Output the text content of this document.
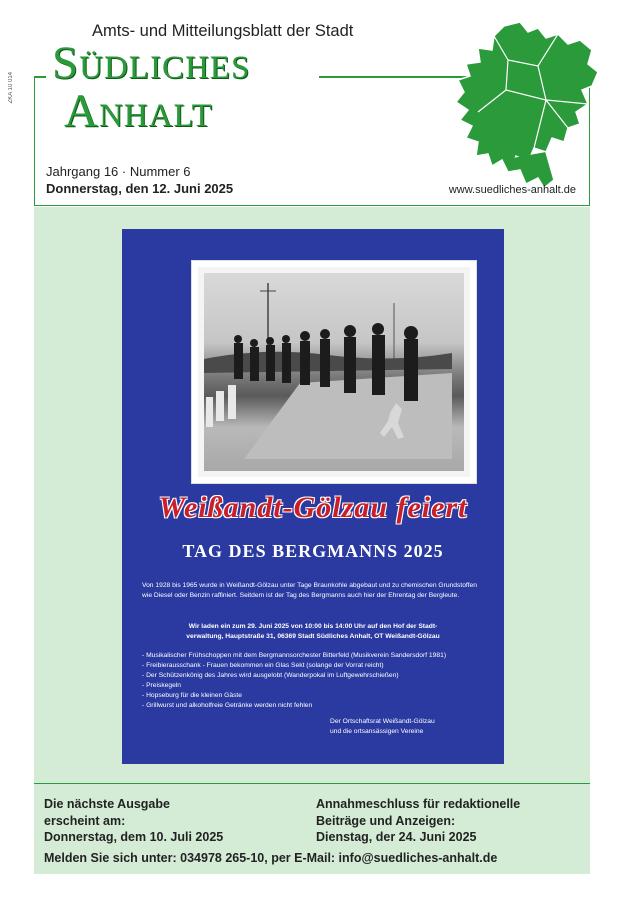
ZKA 10 014
Amts- und Mitteilungsblatt der Stadt
Südliches
Anhalt
Jahrgang 16 · Nummer 6
Donnerstag, den 12. Juni 2025	www.suedliches-anhalt.de
Weißandt-Gölzau feiert
TAG DES BERGMANNS 2025
Von 1928 bis 1965 wurde in Weißandt-Gölzau unter Tage Braunkohle abgebaut und zu chemischen Grundstoffen wie Diesel oder Benzin raffiniert. Seitdem ist der Tag des Bergmanns auch hier der Ehrentag der Bergleute.
Wir laden ein zum 29. Juni 2025 von 10:00 bis 14:00 Uhr auf den Hof der Stadt-
verwaltung, Hauptstraße 31, 06369 Stadt Südliches Anhalt, OT Weißandt-Gölzau
- Musikalischer Frühschoppen mit dem Bergmannsorchester Bitterfeld (Musikverein Sandersdorf 1981)
- Freibierausschank - Frauen bekommen ein Glas Sekt (solange der Vorrat reicht)
- Der Schützenkönig des Jahres wird ausgelobt (Wanderpokal im Luftgewehrschießen)
- Preiskegeln
- Hopseburg für die kleinen Gäste
- Grillwurst und alkoholfreie Getränke werden nicht fehlen
Der Ortschaftsrat Weißandt-Gölzau
und die ortsansässigen Vereine
Die nächste Ausgabe
erscheint am:
Donnerstag, dem 10. Juli 2025
Annahmeschluss für redaktionelle
Beiträge und Anzeigen:
Dienstag, der 24. Juni 2025
Melden Sie sich unter: 034978 265-10, per E-Mail: info@suedliches-anhalt.de
